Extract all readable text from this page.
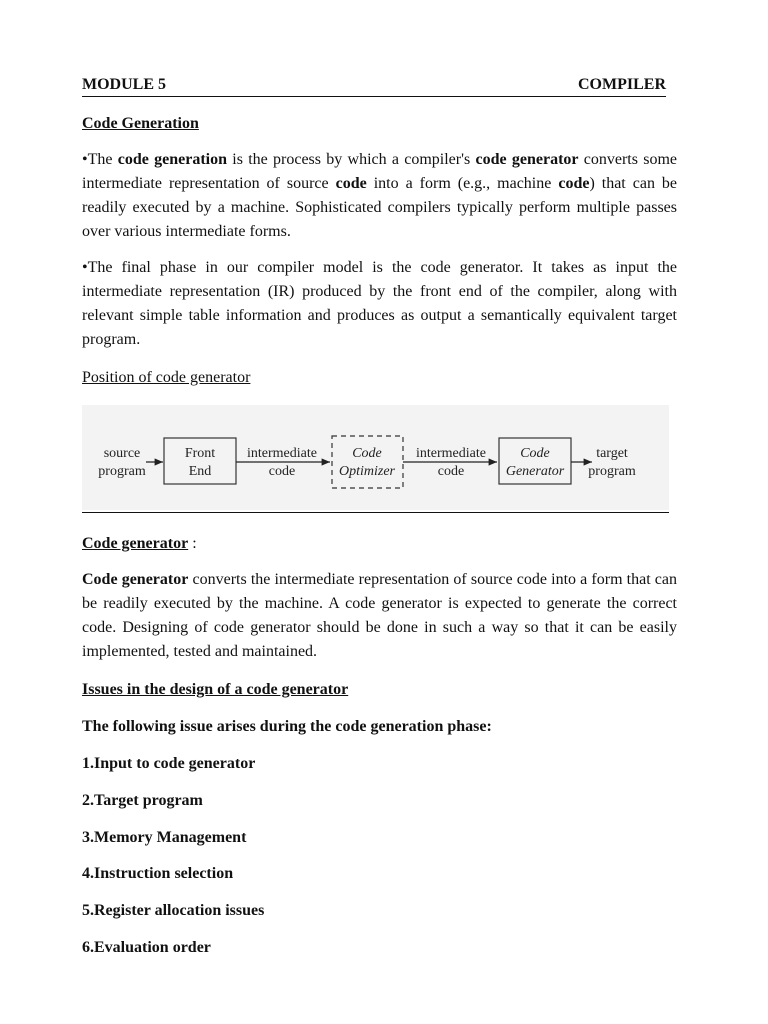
MODULE 5	COMPILER
Code Generation
•The code generation is the process by which a compiler's code generator converts some intermediate representation of source code into a form (e.g., machine code) that can be readily executed by a machine. Sophisticated compilers typically perform multiple passes over various intermediate forms.
•The final phase in our compiler model is the code generator. It takes as input the intermediate representation (IR) produced by the front end of the compiler, along with relevant simple table information and produces as output a semantically equivalent target program.
Position of code generator
source
program
Front
End
intermediate
code
Code
Optimizer
intermediate
code
Code
Generator
target
program
Code generator :
Code generator converts the intermediate representation of source code into a form that can be readily executed by the machine. A code generator is expected to generate the correct code. Designing of code generator should be done in such a way so that it can be easily implemented, tested and maintained.
Issues in the design of a code generator
The following issue arises during the code generation phase:
1.Input to code generator
2.Target program
3.Memory Management
4.Instruction selection
5.Register allocation issues
6.Evaluation order
